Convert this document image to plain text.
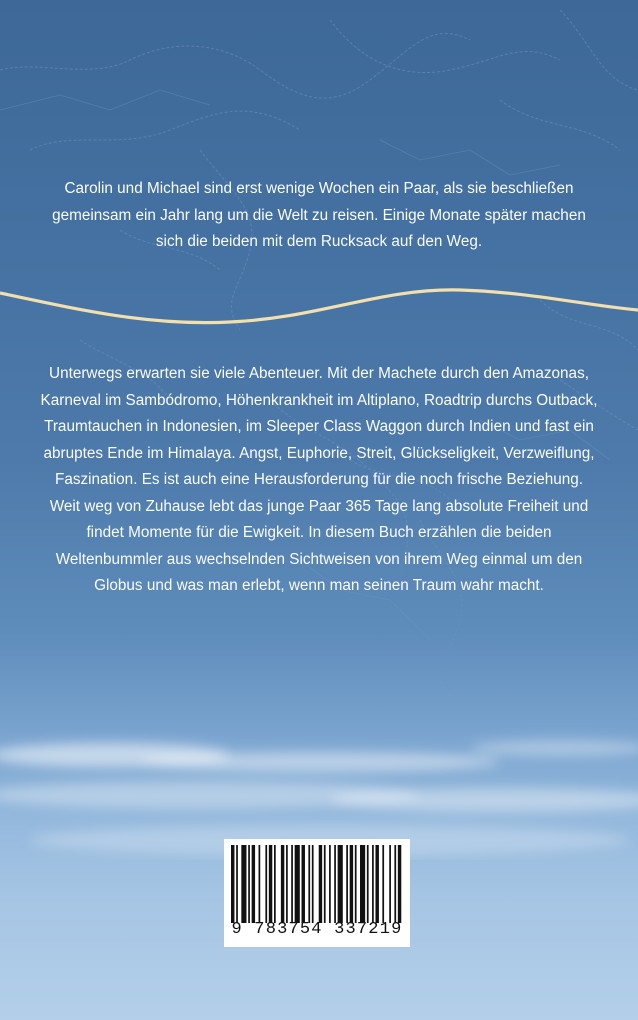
Carolin und Michael sind erst wenige Wochen ein Paar, als sie beschließen gemeinsam ein Jahr lang um die Welt zu reisen. Einige Monate später machen sich die beiden mit dem Rucksack auf den Weg.

Unterwegs erwarten sie viele Abenteuer. Mit der Machete durch den Amazonas, Karneval im Sambódromo, Höhenkrankheit im Altiplano, Roadtrip durchs Outback, Traumtauchen in Indonesien, im Sleeper Class Waggon durch Indien und fast ein abruptes Ende im Himalaya. Angst, Euphorie, Streit, Glückseligkeit, Verzweiflung, Faszination. Es ist auch eine Herausforderung für die noch frische Beziehung. Weit weg von Zuhause lebt das junge Paar 365 Tage lang absolute Freiheit und findet Momente für die Ewigkeit. In diesem Buch erzählen die beiden Weltenbummler aus wechselnden Sichtweisen von ihrem Weg einmal um den Globus und was man erlebt, wenn man seinen Traum wahr macht.

9 783754 337219
